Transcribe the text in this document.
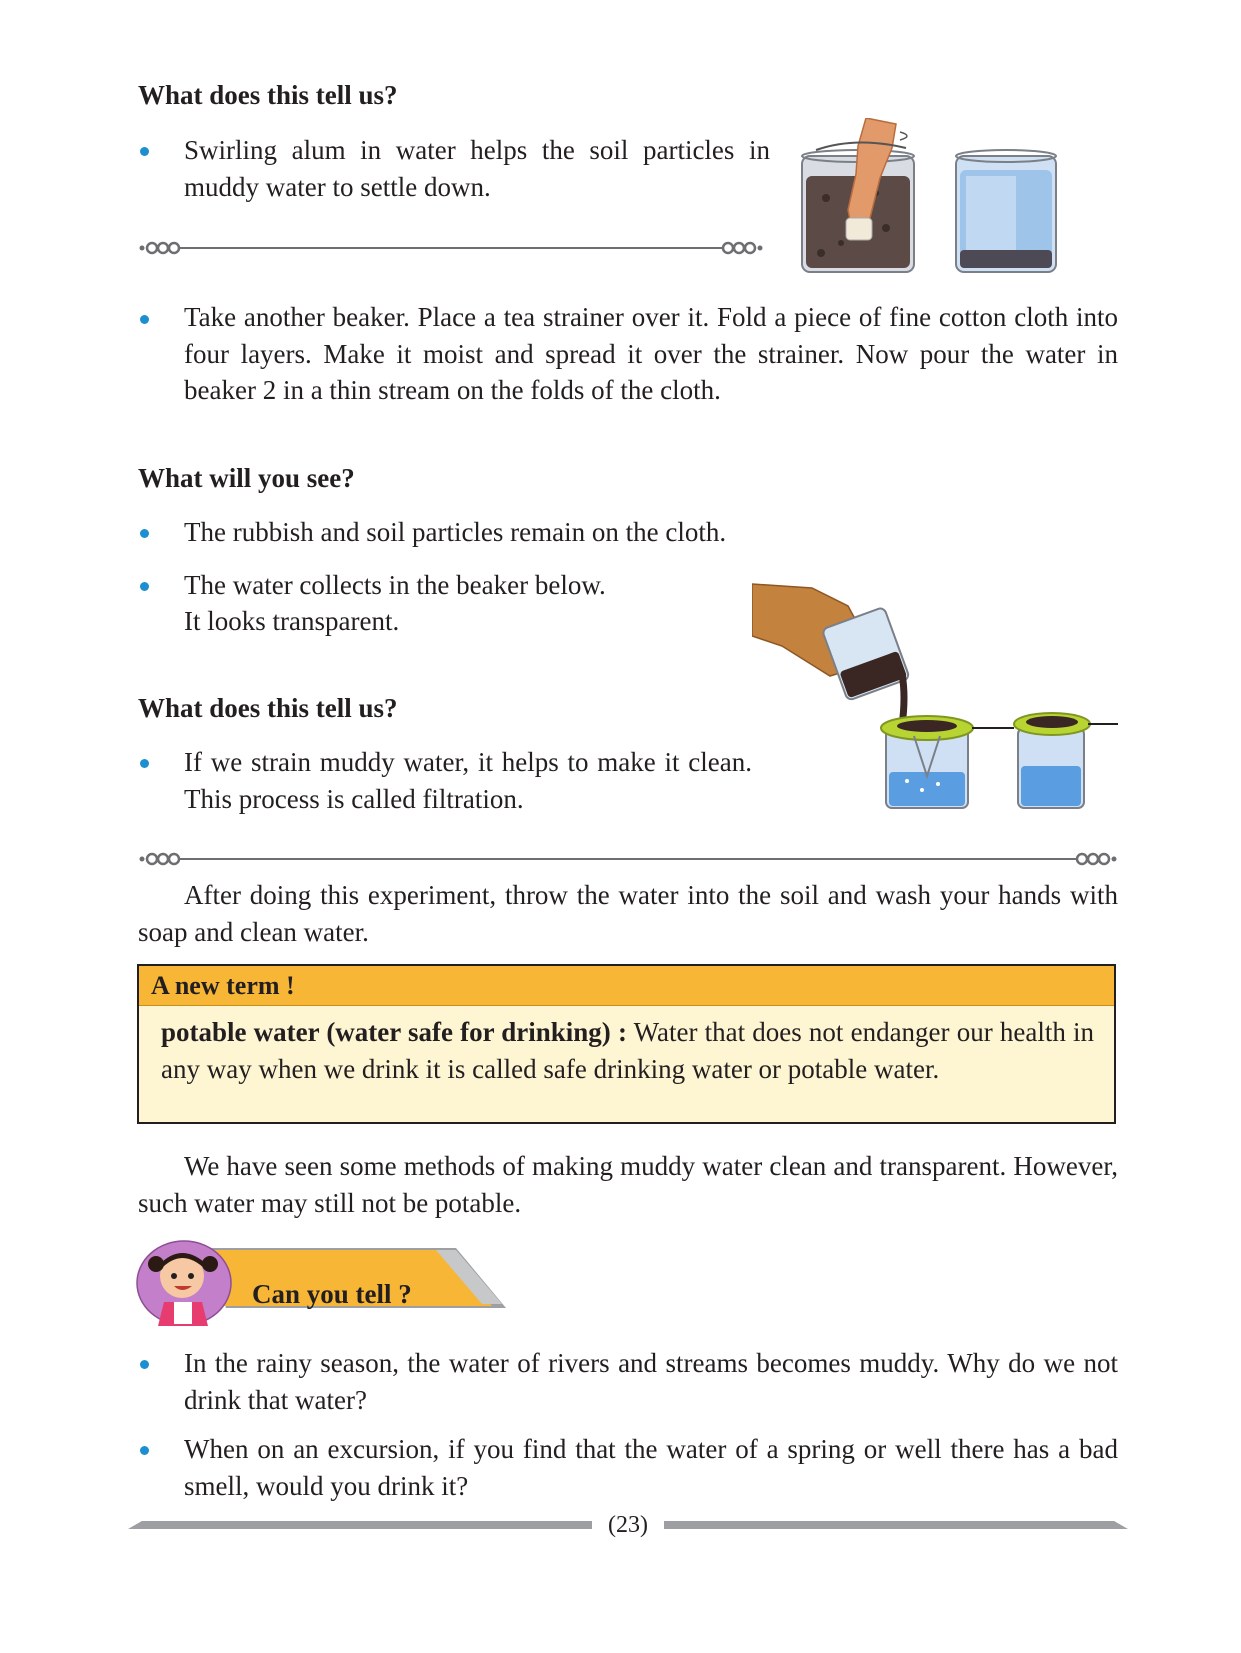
What does this tell us?
Swirling alum in water helps the soil particles in muddy water to settle down.
Take another beaker. Place a tea strainer over it. Fold a piece of fine cotton cloth into four layers. Make it moist and spread it over the strainer. Now pour the water in beaker 2 in a thin stream on the folds of the cloth.
What will you see?
The rubbish and soil particles remain on the cloth.
The water collects in the beaker below.
It looks transparent.
What does this tell us?
If we strain muddy water, it helps to make it clean. This process is called filtration.
After doing this experiment, throw the water into the soil and wash your hands with soap and clean water.
A new term !
potable water (water safe for drinking) : Water that does not endanger our health in any way when we drink it is called safe drinking water or potable water.
We have seen some methods of making muddy water clean and transparent. However, such water may still not be potable.
Can you tell ?
In the rainy season, the water of rivers and streams becomes muddy. Why do we not drink that water?
When on an excursion, if you find that the water of a spring or well there has a bad smell, would you drink it?
(23)
